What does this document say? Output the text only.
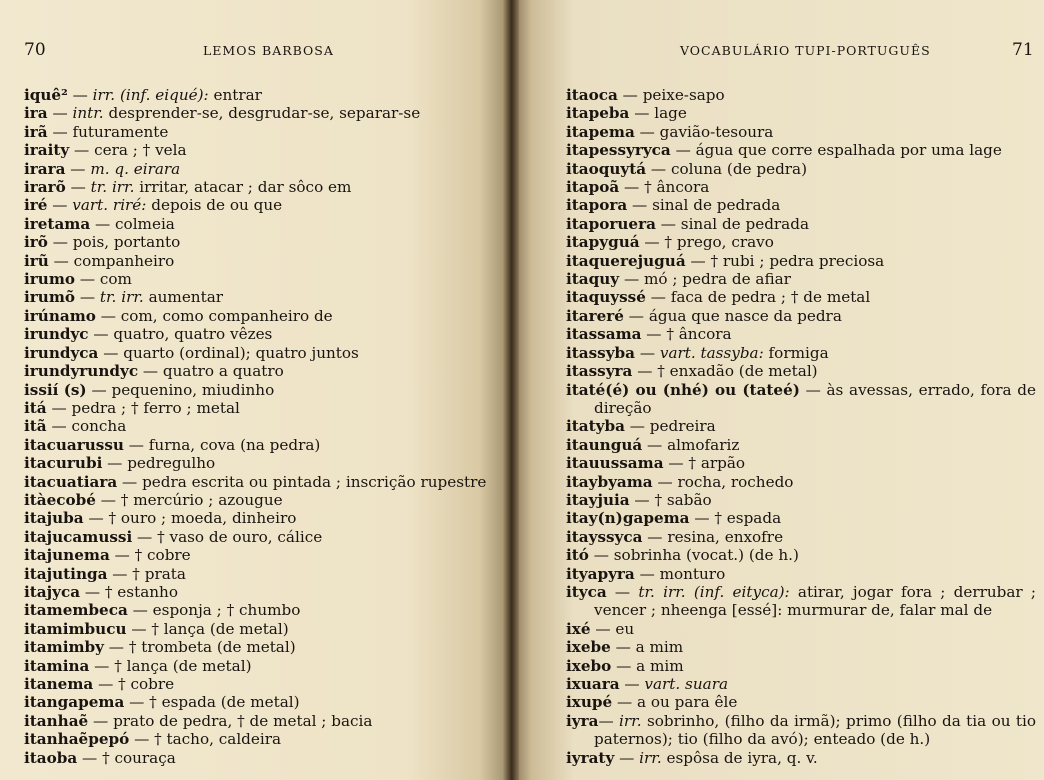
70	LEMOS BARBOSA
iquê² — irr. (inf. eiqué): entrar
ira — intr. desprender-se, desgrudar-se, separar-se
irã — futuramente
iraity — cera ; † vela
irara — m. q. eirara
irarõ — tr. irr. irritar, atacar ; dar sôco em
iré — vart. riré: depois de ou que
iretama — colmeia
irõ — pois, portanto
irũ — companheiro
irumo — com
irumõ — tr. irr. aumentar
irúnamo — com, como companheiro de
irundyc — quatro, quatro vêzes
irundyca — quarto (ordinal); quatro juntos
irundyrundyc — quatro a quatro
issií (s) — pequenino, miudinho
itá — pedra ; † ferro ; metal
itã — concha
itacuarussu — furna, cova (na pedra)
itacurubi — pedregulho
itacuatiara — pedra escrita ou pintada ; inscrição rupestre
itàecobé — † mercúrio ; azougue
itajuba — † ouro ; moeda, dinheiro
itajucamussi — † vaso de ouro, cálice
itajunema — † cobre
itajutinga — † prata
itajyca — † estanho
itamembeca — esponja ; † chumbo
itamimbucu — † lança (de metal)
itamimby — † trombeta (de metal)
itamina — † lança (de metal)
itanema — † cobre
itangapema — † espada (de metal)
itanhaẽ — prato de pedra, † de metal ; bacia
itanhaẽpepó — † tacho, caldeira
itaoba — † couraça
VOCABULÁRIO TUPI-PORTUGUÊS	71
itaoca — peixe-sapo
itapeba — lage
itapema — gavião-tesoura
itapessyryca — água que corre espalhada por uma lage
itaoquytá — coluna (de pedra)
itapoã — † âncora
itapora — sinal de pedrada
itaporuera — sinal de pedrada
itapyguá — † prego, cravo
itaquerejuguá — † rubi ; pedra preciosa
itaquy — mó ; pedra de afiar
itaquyssé — faca de pedra ; † de metal
itareré — água que nasce da pedra
itassama — † âncora
itassyba — vart. tassyba: formiga
itassyra — † enxadão (de metal)
itaté(é) ou (nhé) ou (tateé) — às avessas, errado, fora de direção
itatyba — pedreira
itaunguá — almofariz
itauussama — † arpão
itaybyama — rocha, rochedo
itayjuia — † sabão
itay(n)gapema — † espada
itayssyca — resina, enxofre
itó — sobrinha (vocat.) (de h.)
ityapyra — monturo
ityca — tr. irr. (inf. eityca): atirar, jogar fora ; derrubar ; vencer ; nheenga [essé]: murmurar de, falar mal de
ixé — eu
ixebe — a mim
ixebo — a mim
ixuara — vart. suara
ixupé — a ou para êle
iyra— irr. sobrinho, (filho da irmã); primo (filho da tia ou tio paternos); tio (filho da avó); enteado (de h.)
iyraty — irr. espôsa de iyra, q. v.
